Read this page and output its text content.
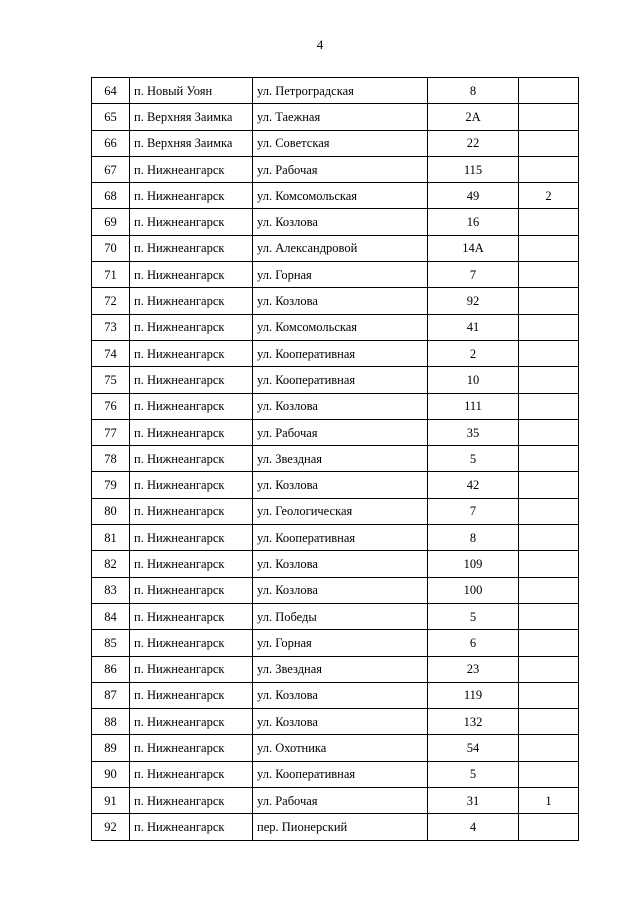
4
64	п. Новый Уоян	ул. Петроградская	8	
65	п. Верхняя Заимка	ул. Таежная	2А	
66	п. Верхняя Заимка	ул. Советская	22	
67	п. Нижнеангарск	ул. Рабочая	115	
68	п. Нижнеангарск	ул. Комсомольская	49	2
69	п. Нижнеангарск	ул. Козлова	16	
70	п. Нижнеангарск	ул. Александровой	14А	
71	п. Нижнеангарск	ул. Горная	7	
72	п. Нижнеангарск	ул. Козлова	92	
73	п. Нижнеангарск	ул. Комсомольская	41	
74	п. Нижнеангарск	ул. Кооперативная	2	
75	п. Нижнеангарск	ул. Кооперативная	10	
76	п. Нижнеангарск	ул. Козлова	111	
77	п. Нижнеангарск	ул. Рабочая	35	
78	п. Нижнеангарск	ул. Звездная	5	
79	п. Нижнеангарск	ул. Козлова	42	
80	п. Нижнеангарск	ул. Геологическая	7	
81	п. Нижнеангарск	ул. Кооперативная	8	
82	п. Нижнеангарск	ул. Козлова	109	
83	п. Нижнеангарск	ул. Козлова	100	
84	п. Нижнеангарск	ул. Победы	5	
85	п. Нижнеангарск	ул. Горная	6	
86	п. Нижнеангарск	ул. Звездная	23	
87	п. Нижнеангарск	ул. Козлова	119	
88	п. Нижнеангарск	ул. Козлова	132	
89	п. Нижнеангарск	ул. Охотника	54	
90	п. Нижнеангарск	ул. Кооперативная	5	
91	п. Нижнеангарск	ул. Рабочая	31	1
92	п. Нижнеангарск	пер. Пионерский	4	
